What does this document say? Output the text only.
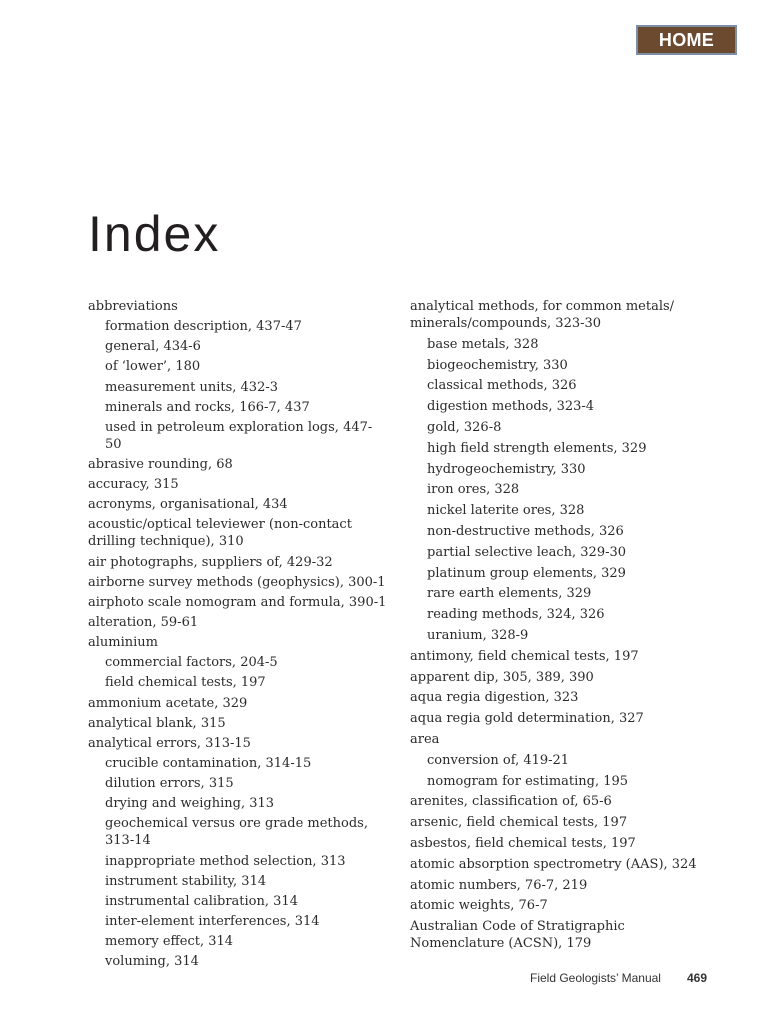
HOME
Index
abbreviations
formation description, 437-47
general, 434-6
of ‘lower’, 180
measurement units, 432-3
minerals and rocks, 166-7, 437
used in petroleum exploration logs, 447-50
abrasive rounding, 68
accuracy, 315
acronyms, organisational, 434
acoustic/optical televiewer (non-contact drilling technique), 310
air photographs, suppliers of, 429-32
airborne survey methods (geophysics), 300-1
airphoto scale nomogram and formula, 390-1
alteration, 59-61
aluminium
commercial factors, 204-5
field chemical tests, 197
ammonium acetate, 329
analytical blank, 315
analytical errors, 313-15
crucible contamination, 314-15
dilution errors, 315
drying and weighing, 313
geochemical versus ore grade methods, 313-14
inappropriate method selection, 313
instrument stability, 314
instrumental calibration, 314
inter-element interferences, 314
memory effect, 314
voluming, 314
analytical methods, for common metals/ minerals/compounds, 323-30
base metals, 328
biogeochemistry, 330
classical methods, 326
digestion methods, 323-4
gold, 326-8
high field strength elements, 329
hydrogeochemistry, 330
iron ores, 328
nickel laterite ores, 328
non-destructive methods, 326
partial selective leach, 329-30
platinum group elements, 329
rare earth elements, 329
reading methods, 324, 326
uranium, 328-9
antimony, field chemical tests, 197
apparent dip, 305, 389, 390
aqua regia digestion, 323
aqua regia gold determination, 327
area
conversion of, 419-21
nomogram for estimating, 195
arenites, classification of, 65-6
arsenic, field chemical tests, 197
asbestos, field chemical tests, 197
atomic absorption spectrometry (AAS), 324
atomic numbers, 76-7, 219
atomic weights, 76-7
Australian Code of Stratigraphic Nomenclature (ACSN), 179
Field Geologists’ Manual 469
